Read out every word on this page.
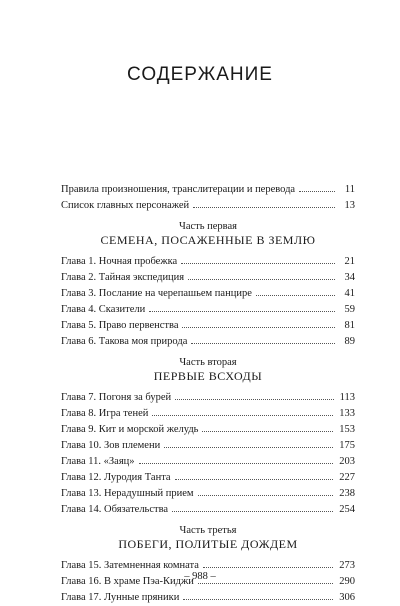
СОДЕРЖАНИЕ
Правила произношения, транслитерации и перевода	11
Список главных персонажей	13
Часть первая
СЕМЕНА, ПОСАЖЕННЫЕ В ЗЕМЛЮ
Глава 1. Ночная пробежка	21
Глава 2. Тайная экспедиция	34
Глава 3. Послание на черепашьем панцире	41
Глава 4. Сказители	59
Глава 5. Право первенства	81
Глава 6. Такова моя природа	89
Часть вторая
ПЕРВЫЕ ВСХОДЫ
Глава 7. Погоня за бурей	113
Глава 8. Игра теней	133
Глава 9. Кит и морской желудь	153
Глава 10. Зов племени	175
Глава 11. «Заяц»	203
Глава 12. Луродия Танта	227
Глава 13. Нерадушный прием	238
Глава 14. Обязательства	254
Часть третья
ПОБЕГИ, ПОЛИТЫЕ ДОЖДЕМ
Глава 15. Затемненная комната	273
Глава 16. В храме Пэа-Киджи	290
Глава 17. Лунные пряники	306
– 988 –
